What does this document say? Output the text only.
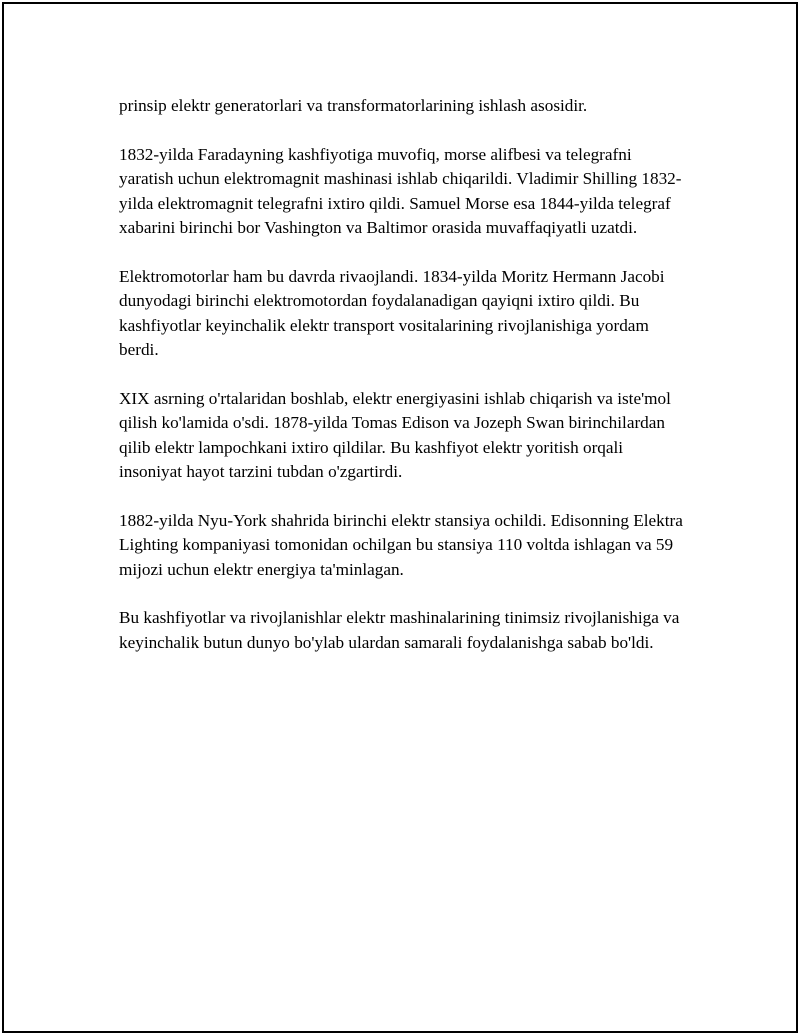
prinsip elektr generatorlari va transformatorlarining ishlash asosidir.

1832-yilda Faradayning kashfiyotiga muvofiq, morse alifbesi va telegrafni yaratish uchun elektromagnit mashinasi ishlab chiqarildi. Vladimir Shilling 1832-yilda elektromagnit telegrafni ixtiro qildi. Samuel Morse esa 1844-yilda telegraf xabarini birinchi bor Vashington va Baltimor orasida muvaffaqiyatli uzatdi.

Elektromotorlar ham bu davrda rivaojlandi. 1834-yilda Moritz Hermann Jacobi dunyodagi birinchi elektromotordan foydalanadigan qayiqni ixtiro qildi. Bu kashfiyotlar keyinchalik elektr transport vositalarining rivojlanishiga yordam berdi.

XIX asrning o'rtalaridan boshlab, elektr energiyasini ishlab chiqarish va iste'mol qilish ko'lamida o'sdi. 1878-yilda Tomas Edison va Jozeph Swan birinchilardan qilib elektr lampochkani ixtiro qildilar. Bu kashfiyot elektr yoritish orqali insoniyat hayot tarzini tubdan o'zgartirdi.

1882-yilda Nyu-York shahrida birinchi elektr stansiya ochildi. Edisonning Elektra Lighting kompaniyasi tomonidan ochilgan bu stansiya 110 voltda ishlagan va 59 mijozi uchun elektr energiya ta'minlagan.

Bu kashfiyotlar va rivojlanishlar elektr mashinalarining tinimsiz rivojlanishiga va keyinchalik butun dunyo bo'ylab ulardan samarali foydalanishga sabab bo'ldi.
